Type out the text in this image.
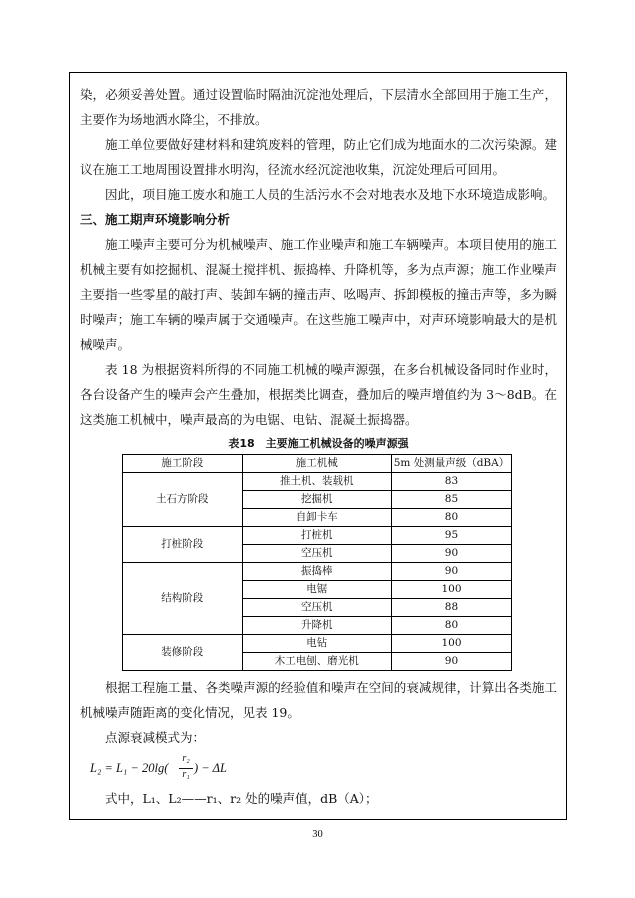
染，必须妥善处置。通过设置临时隔油沉淀池处理后，下层清水全部回用于施工生产，主要作为场地洒水降尘，不排放。

施工单位要做好建材料和建筑废料的管理，防止它们成为地面水的二次污染源。建议在施工工地周围设置排水明沟，径流水经沉淀池收集，沉淀处理后可回用。

因此，项目施工废水和施工人员的生活污水不会对地表水及地下水环境造成影响。

三、施工期声环境影响分析

施工噪声主要可分为机械噪声、施工作业噪声和施工车辆噪声。本项目使用的施工机械主要有如挖掘机、混凝土搅拌机、振捣棒、升降机等，多为点声源；施工作业噪声主要指一些零星的敲打声、装卸车辆的撞击声、吆喝声、拆卸模板的撞击声等，多为瞬时噪声；施工车辆的噪声属于交通噪声。在这些施工噪声中，对声环境影响最大的是机械噪声。

表 18 为根据资料所得的不同施工机械的噪声源强，在多台机械设备同时作业时，各台设备产生的噪声会产生叠加，根据类比调查，叠加后的噪声增值约为 3～8dB。在这类施工机械中，噪声最高的为电锯、电钻、混凝土振捣器。

表18　主要施工机械设备的噪声源强

施工阶段	施工机械	5m 处测量声级（dBA）
土石方阶段	推土机、装载机	83
	挖掘机	85
	自卸卡车	80
打桩阶段	打桩机	95
	空压机	90
结构阶段	振捣棒	90
	电锯	100
	空压机	88
	升降机	80
装修阶段	电钻	100
	木工电刨、磨光机	90

根据工程施工量、各类噪声源的经验值和噪声在空间的衰减规律，计算出各类施工机械噪声随距离的变化情况，见表 19。

点源衰减模式为：

L₂ = L₁ − 20lg(
r₂
r₁ ) − ΔL

式中，L₁、L₂——r₁、r₂ 处的噪声值，dB（A）；

30
